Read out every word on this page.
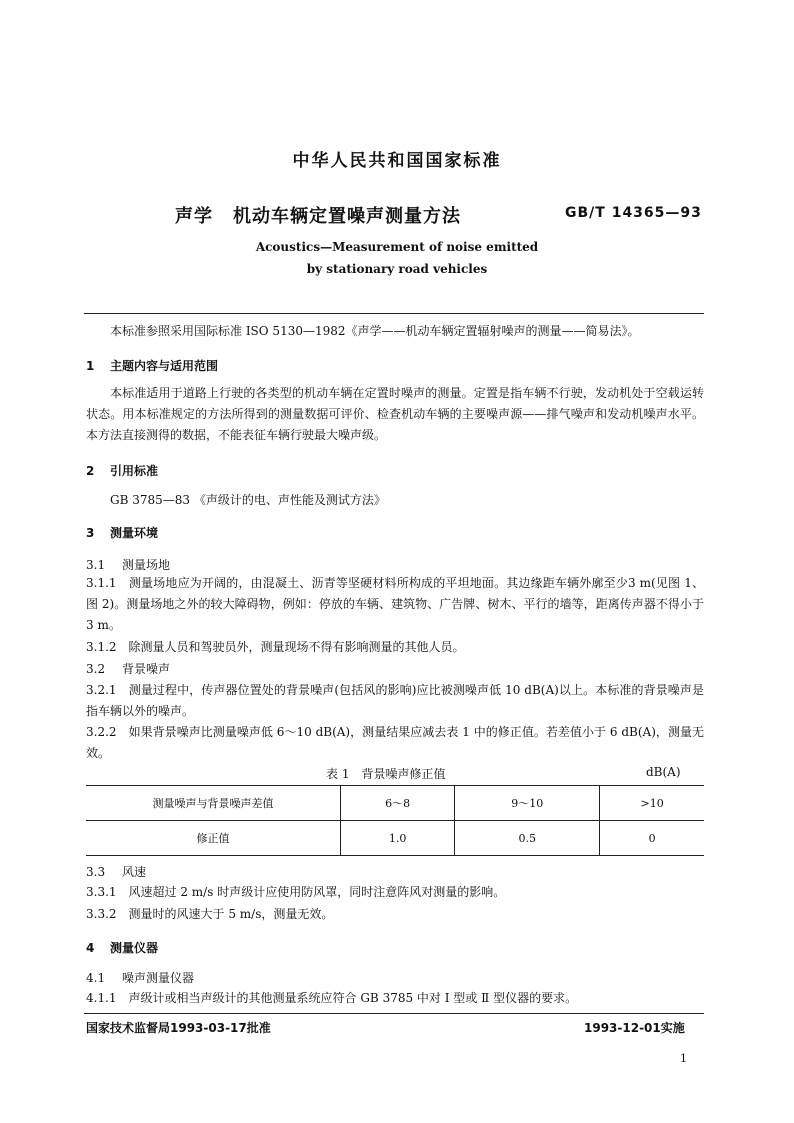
中华人民共和国国家标准
声学 机动车辆定置噪声测量方法	GB/T 14365—93
Acoustics—Measurement of noise emitted
by stationary road vehicles
本标准参照采用国际标准 ISO 5130—1982《声学——机动车辆定置辐射噪声的测量——简易法》。
1 主题内容与适用范围
本标准适用于道路上行驶的各类型的机动车辆在定置时噪声的测量。定置是指车辆不行驶，发动机处于空载运转状态。用本标准规定的方法所得到的测量数据可评价、检查机动车辆的主要噪声源——排气噪声和发动机噪声水平。本方法直接测得的数据，不能表征车辆行驶最大噪声级。
2 引用标准
GB 3785—83 《声级计的电、声性能及测试方法》
3 测量环境
3.1 测量场地
3.1.1　测量场地应为开阔的，由混凝土、沥青等坚硬材料所构成的平坦地面。其边缘距车辆外廓至少3 m(见图 1、图 2)。测量场地之外的较大障碍物，例如：停放的车辆、建筑物、广告牌、树木、平行的墙等，距离传声器不得小于 3 m。
3.1.2　除测量人员和驾驶员外，测量现场不得有影响测量的其他人员。
3.2 背景噪声
3.2.1　测量过程中，传声器位置处的背景噪声(包括风的影响)应比被测噪声低 10 dB(A)以上。本标准的背景噪声是指车辆以外的噪声。
3.2.2　如果背景噪声比测量噪声低 6～10 dB(A)，测量结果应减去表 1 中的修正值。若差值小于 6 dB(A)，测量无效。
表 1　背景噪声修正值	dB(A)
测量噪声与背景噪声差值	6～8	9～10	>10
修正值	1.0	0.5	0
3.3 风速
3.3.1　风速超过 2 m/s 时声级计应使用防风罩，同时注意阵风对测量的影响。
3.3.2　测量时的风速大于 5 m/s，测量无效。
4 测量仪器
4.1 噪声测量仪器
4.1.1　声级计或相当声级计的其他测量系统应符合 GB 3785 中对 Ⅰ 型或 Ⅱ 型仪器的要求。
国家技术监督局1993-03-17批准	1993-12-01实施
1
